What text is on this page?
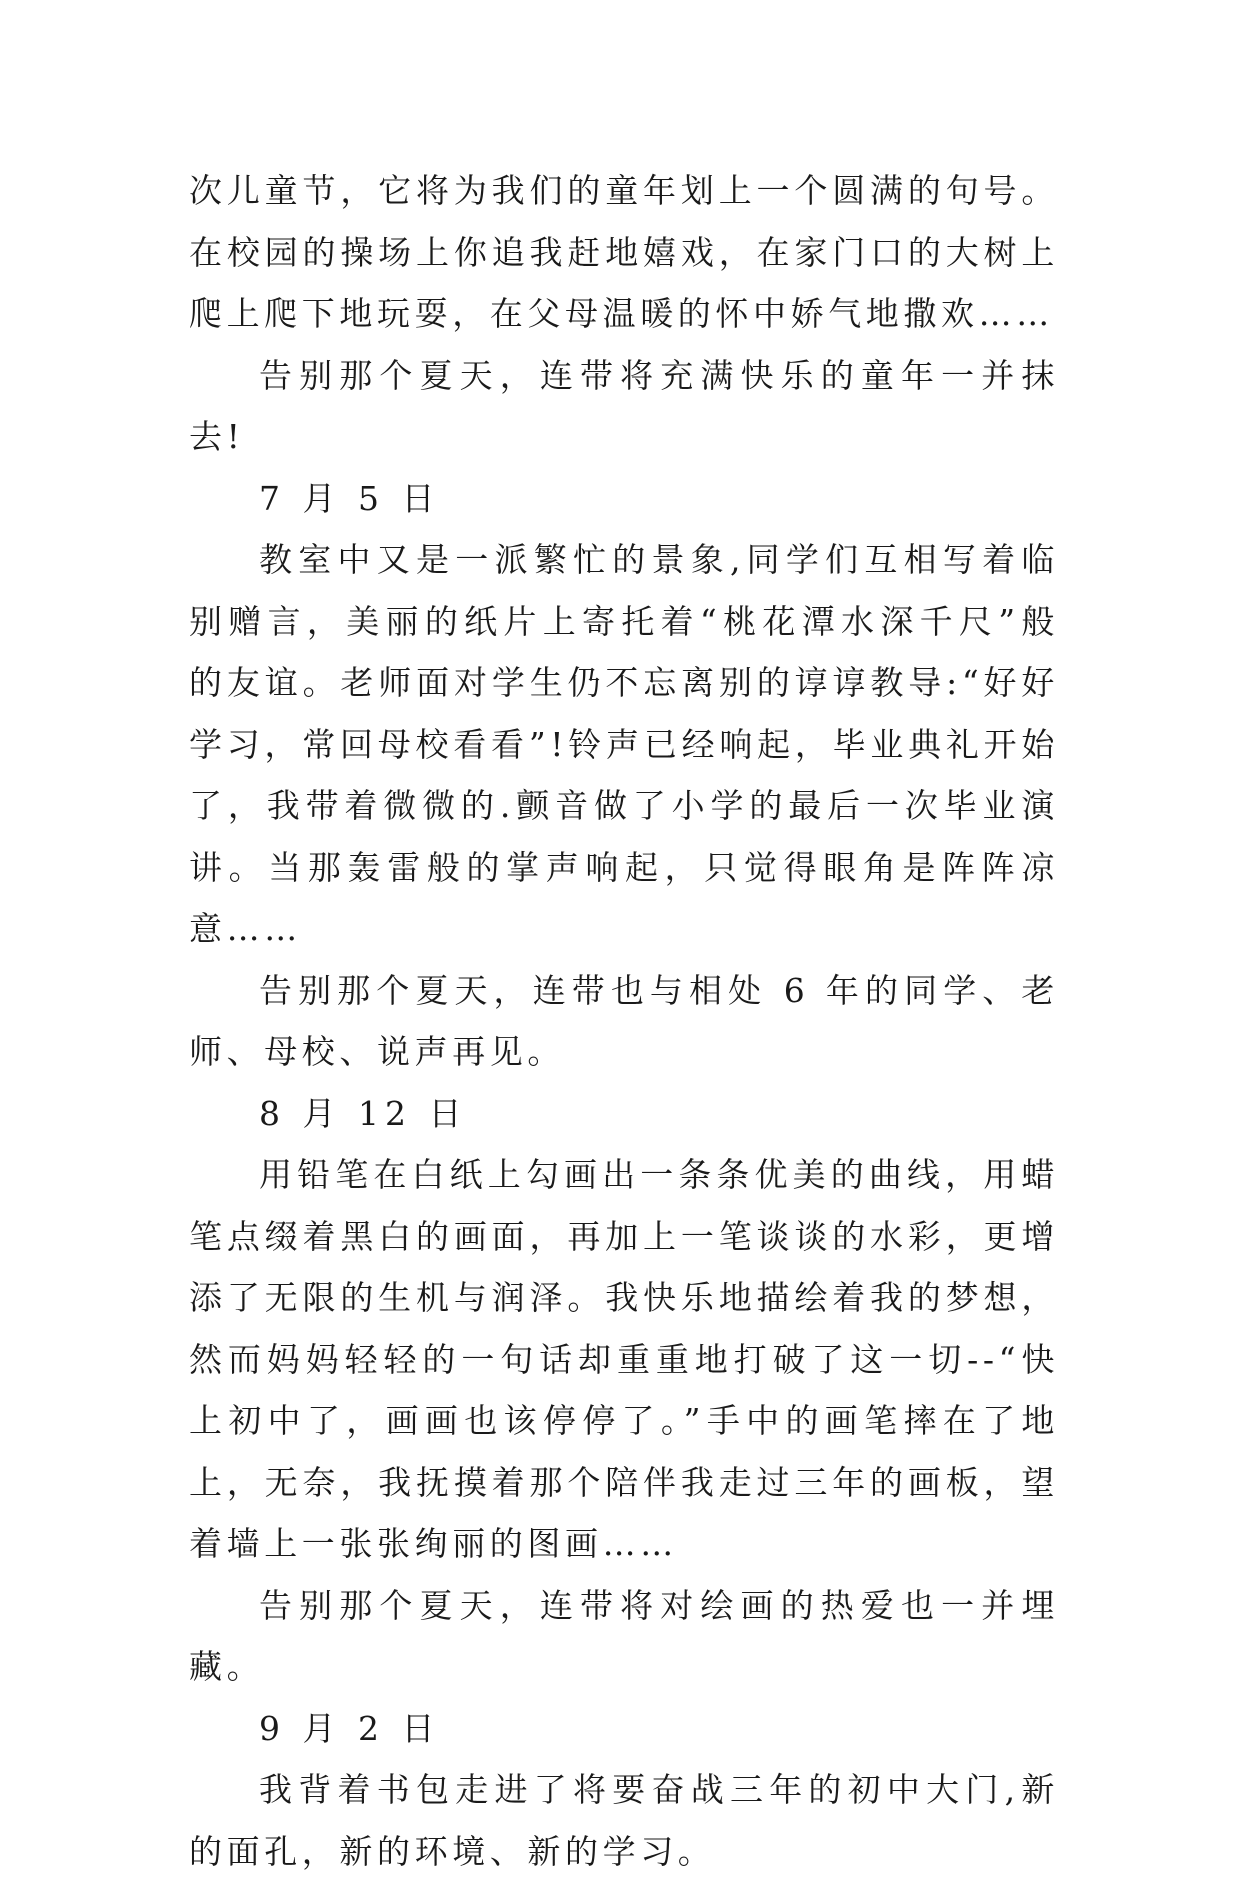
次儿童节，它将为我们的童年划上一个圆满的句号。在校园的操场上你追我赶地嬉戏，在家门口的大树上爬上爬下地玩耍，在父母温暖的怀中娇气地撒欢……

告别那个夏天，连带将充满快乐的童年一并抹去!

7 月 5 日

教室中又是一派繁忙的景象,同学们互相写着临别赠言，美丽的纸片上寄托着“桃花潭水深千尺”般的友谊。老师面对学生仍不忘离别的谆谆教导:“好好学习，常回母校看看”!铃声已经响起，毕业典礼开始了，我带着微微的.颤音做了小学的最后一次毕业演讲。当那轰雷般的掌声响起，只觉得眼角是阵阵凉意……

告别那个夏天，连带也与相处 6 年的同学、老师、母校、说声再见。

8 月 12 日

用铅笔在白纸上勾画出一条条优美的曲线，用蜡笔点缀着黑白的画面，再加上一笔谈谈的水彩，更增添了无限的生机与润泽。我快乐地描绘着我的梦想，然而妈妈轻轻的一句话却重重地打破了这一切--“快上初中了，画画也该停停了。”手中的画笔摔在了地上，无奈，我抚摸着那个陪伴我走过三年的画板，望着墙上一张张绚丽的图画……

告别那个夏天，连带将对绘画的热爱也一并埋藏。

9 月 2 日

我背着书包走进了将要奋战三年的初中大门,新的面孔，新的环境、新的学习。
